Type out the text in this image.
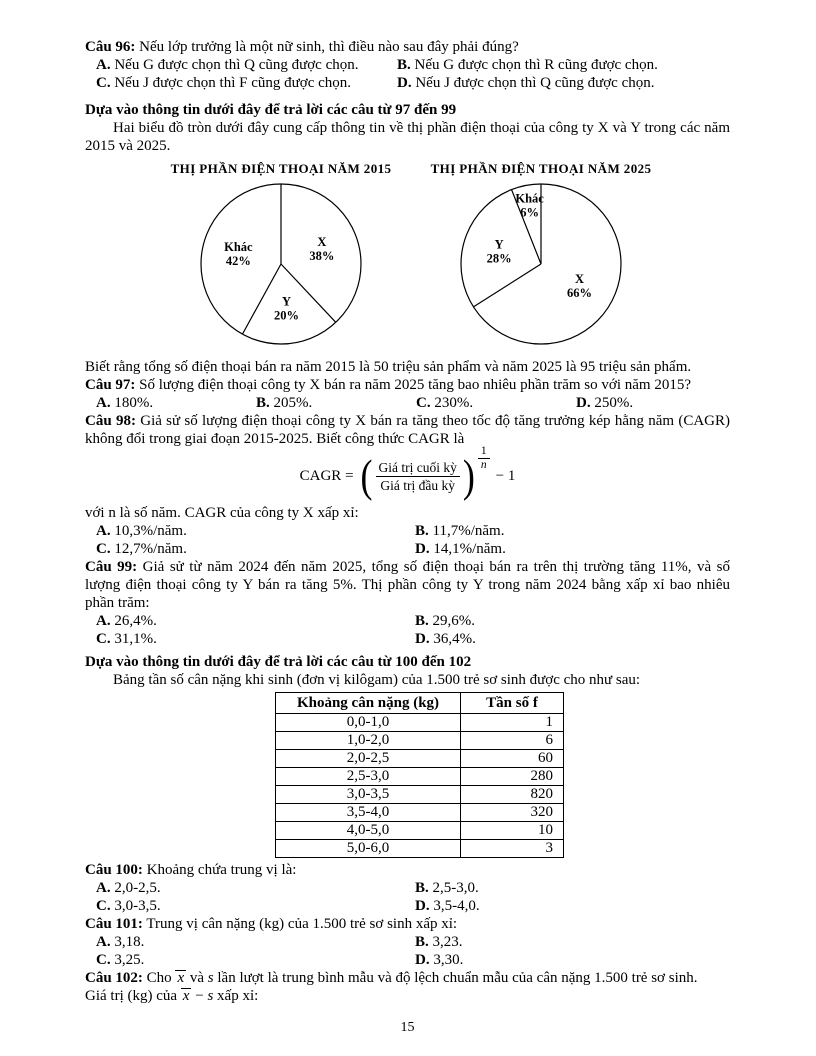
Câu 96: Nếu lớp trưởng là một nữ sinh, thì điều nào sau đây phải đúng?

A. Nếu G được chọn thì Q cũng được chọn.	B. Nếu G được chọn thì R cũng được chọn.
C. Nếu J được chọn thì F cũng được chọn.	D. Nếu J được chọn thì Q cũng được chọn.

Dựa vào thông tin dưới đây để trả lời các câu từ 97 đến 99

Hai biểu đồ tròn dưới đây cung cấp thông tin về thị phần điện thoại của công ty X và Y trong các năm 2015 và 2025.

THỊ PHẦN ĐIỆN THOẠI NĂM 2015
X
38%
Y
20%
Khác
42%
THỊ PHẦN ĐIỆN THOẠI NĂM 2025
X
66%
Y
28%
Khác
6%

Biết rằng tổng số điện thoại bán ra năm 2015 là 50 triệu sản phẩm và năm 2025 là 95 triệu sản phẩm.

Câu 97: Số lượng điện thoại công ty X bán ra năm 2025 tăng bao nhiêu phần trăm so với năm 2015?

A. 180%.	B. 205%.	C. 230%.	D. 250%.

Câu 98: Giả sử số lượng điện thoại công ty X bán ra tăng theo tốc độ tăng trưởng kép hằng năm (CAGR) không đổi trong giai đoạn 2015-2025. Biết công thức CAGR là

CAGR = ( $\frac{\text{Giá trị cuối kỳ}}{\text{Giá trị đầu kỳ}}$ ) 1
n
− 1

với n là số năm. CAGR của công ty X xấp xỉ:

A. 10,3%/năm.	B. 11,7%/năm.
C. 12,7%/năm.	D. 14,1%/năm.

Câu 99: Giả sử từ năm 2024 đến năm 2025, tổng số điện thoại bán ra trên thị trường tăng 11%, và số lượng điện thoại công ty Y bán ra tăng 5%. Thị phần công ty Y trong năm 2024 bằng xấp xỉ bao nhiêu phần trăm:

A. 26,4%.	B. 29,6%.
C. 31,1%.	D. 36,4%.

Dựa vào thông tin dưới đây để trả lời các câu từ 100 đến 102

Bảng tần số cân nặng khi sinh (đơn vị kilôgam) của 1.500 trẻ sơ sinh được cho như sau:

Khoảng cân nặng (kg)	Tần số f
0,0-1,0	1
1,0-2,0	6
2,0-2,5	60
2,5-3,0	280
3,0-3,5	820
3,5-4,0	320
4,0-5,0	10
5,0-6,0	3

Câu 100: Khoảng chứa trung vị là:

A. 2,0-2,5.	B. 2,5-3,0.
C. 3,0-3,5.	D. 3,5-4,0.

Câu 101: Trung vị cân nặng (kg) của 1.500 trẻ sơ sinh xấp xỉ:

A. 3,18.	B. 3,23.
C. 3,25.	D. 3,30.

Câu 102: Cho x và s lần lượt là trung bình mẫu và độ lệch chuẩn mẫu của cân nặng 1.500 trẻ sơ sinh.

Giá trị (kg) của x − s xấp xỉ:

15
